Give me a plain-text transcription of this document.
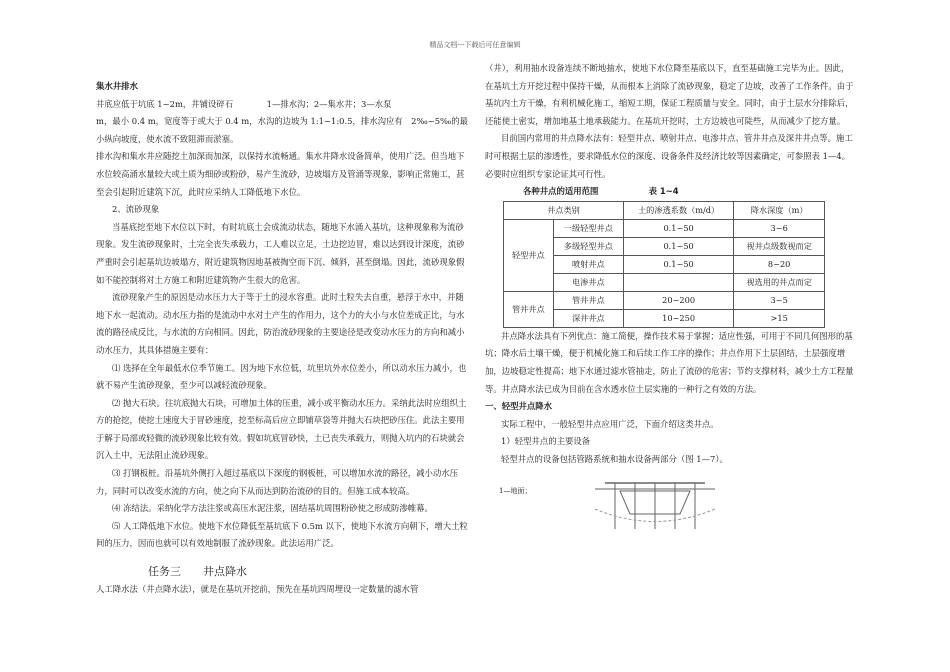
精品文档---下载后可任意编辑

集水井排水

井底应低于坑底 1~2m，井铺设碎石　　　　1—排水沟；2—集水井；3—水泵

m，最小 0.4 m，宽度等于或大于 0.4 m，水沟的边坡为 1:1~1:0.5，排水沟应有　2‰~5‰的最小纵向坡度，使水流不致阻滞而淤塞。

排水沟和集水井应随挖土加深而加深，以保持水流畅通。集水井降水设备简单，使用广泛。但当地下水位较高涌水量较大或土质为细砂或粉砂，易产生流砂，边坡塌方及管涌等现象，影响正常施工，甚至会引起附近建筑下沉，此时应采纳人工降低地下水位。

2、流砂现象

当基底挖至地下水位以下时，有时坑底土会成流动状态，随地下水涌入基坑，这种现象称为流砂现象。发生流砂现象时，土完全丧失承载力，工人难以立足，土边挖边冒，难以达到设计深度，流砂严重时会引起基坑边坡塌方，附近建筑物因地基被掏空而下沉、倾斜，甚至倒塌。因此，流砂现象假如不能控制将对土方施工和附近建筑物产生很大的危害。

流砂现象产生的原因是动水压力大于等于土的浸水容重。此时土粒失去自重，悬浮于水中，并随地下水一起流动。动水压力指的是流动中水对土产生的作用力，这个力的大小与水位差成正比，与水流的路径成反比，与水流的方向相同。因此，防治流砂现象的主要途径是改变动水压力的方向和减小动水压力，其具体措施主要有：

⑴ 选择在全年最低水位季节施工。因为地下水位低，坑里坑外水位差小，所以动水压力减小，也就不易产生流砂现象，至少可以减轻流砂现象。

⑵ 抛大石块。往坑底抛大石块，可增加土体的压重，减小或平衡动水压力。采纳此法时应组织土方的抢挖，使挖土速度大于冒砂速度，挖至标高后应立即铺草袋等并抛大石块把砂压住。此法主要用于解于局部或轻微的流砂现象比较有效。假如坑底冒砂快，土已丧失承载力，则抛入坑内的石块就会沉入土中，无法阻止流砂现象。

⑶ 打钢板桩。沿基坑外侧打入超过基底以下深度的钢板桩，可以增加水流的路径，减小动水压力，同时可以改变水流的方向，使之向下从而达到防治流砂的目的。但施工成本较高。

⑷ 冻结法。采纳化学方法注浆或高压水泥注浆，固结基坑周围粉砂使之形成防渗帷幕。

⑸ 人工降低地下水位。使地下水位降低至基坑底下 0.5m 以下，使地下水流方向朝下，增大土粒间的压力，因而也就可以有效地制服了流砂现象。此法运用广泛。

任务三　　井点降水

人工降水法（井点降水法），就是在基坑开挖前，预先在基坑四周埋设一定数量的滤水管

（井），利用抽水设备连续不断地抽水，使地下水位降至基底以下，直至基础施工完毕为止。因此，在基坑土方开挖过程中保持干燥，从而根本上消除了流砂现象，稳定了边坡，改善了工作条件。由于基坑内土方干燥，有利机械化施工，缩短工期，保证工程质量与安全。同时，由于土层水分排除后，还能使土密实，增加地基土地承载能力。在基坑开挖时，土方边坡也可陡些，从而减少了挖方量。

目前国内常用的井点降水法有：轻型井点、喷射井点、电渗井点、管井井点及深井井点等。施工时可根据土层的渗透性，要求降低水位的深度、设备条件及经济比较等因素确定，可参照表 1—4。必要时应组织专家论证其可行性。

各种井点的适用范围　　　　　　表 1~4

井点类别		土的渗透系数（m/d）	降水深度（m）
轻型井点	一级轻型井点	0.1~50	3~6
	多级轻型井点	0.1~50	视井点级数视而定
	喷射井点	0.1~50	8~20
	电渗井点		视选用的井点而定
管井井点	管井井点	20~200	3~5
	深井井点	10~250	>15

井点降水法具有下列优点：施工简便，操作技术易于掌握；适应性强，可用于不同几何图形的基坑；降水后土壤干燥，便于机械化施工和后续工作工序的操作；井点作用下土层固结，土层强度增加，边坡稳定性提高；地下水通过滤水管抽走，防止了流砂的危害；节约支撑材料，减少土方工程量等。井点降水法已成为目前在含水透水位土层实施的一种行之有效的方法。

一、轻型井点降水

实际工程中，一般轻型井点应用广泛，下面介绍这类井点。

1）轻型井点的主要设备

轻型井点的设备包括管路系统和抽水设备两部分（图 1—7）。

1—地面；
